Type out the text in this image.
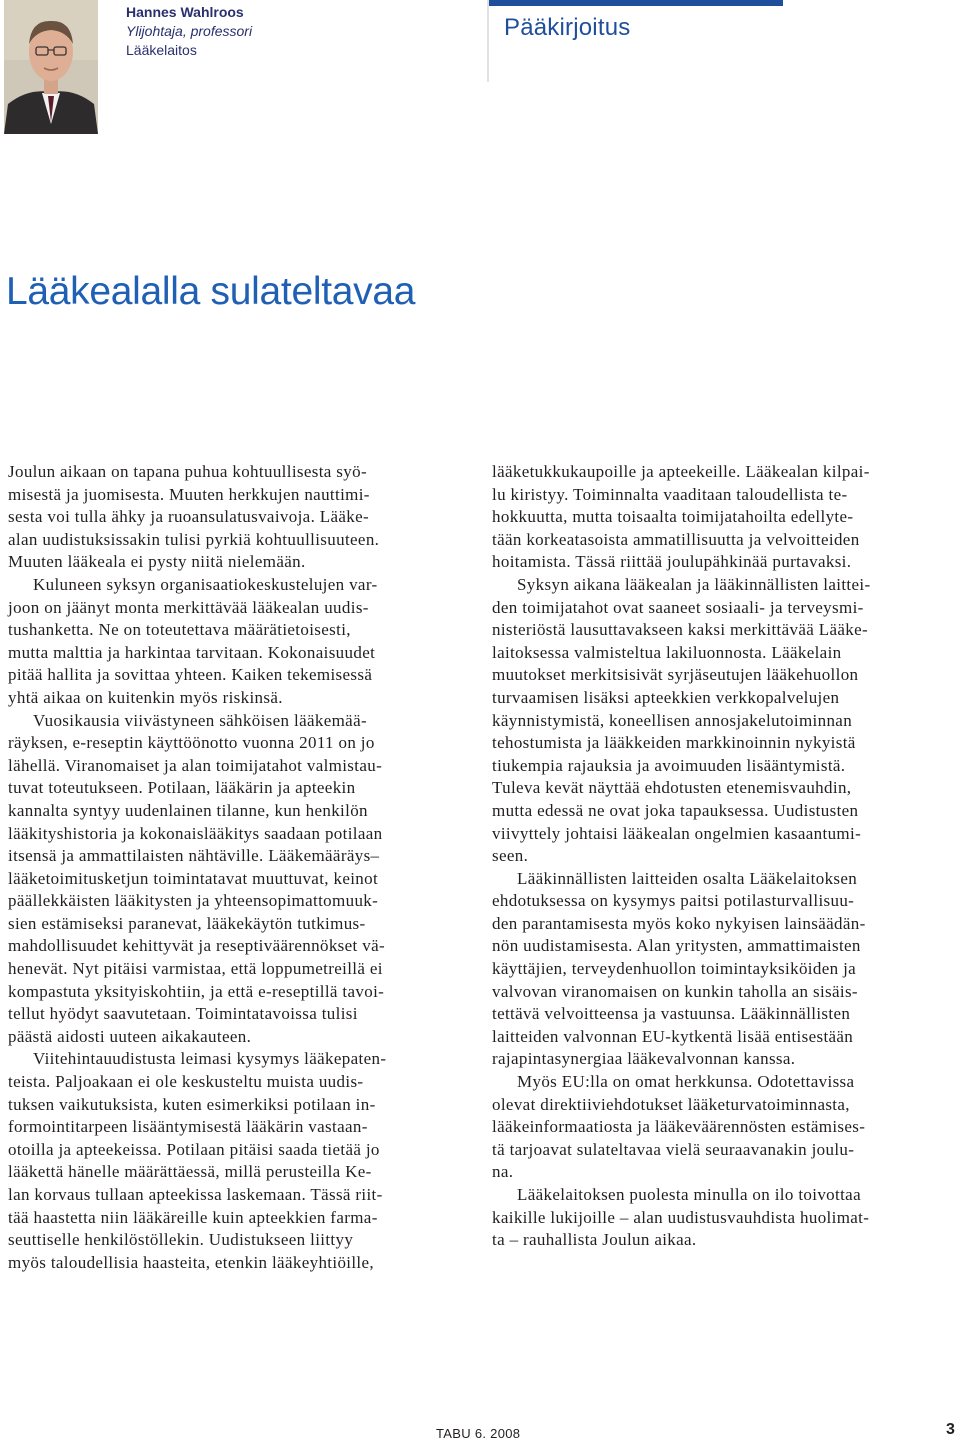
Hannes Wahlroos
Ylijohtaja, professori
Lääkelaitos
Pääkirjoitus
Lääkealalla sulateltavaa
Joulun aikaan on tapana puhua kohtuullisesta syö-
misestä ja juomisesta. Muuten herkkujen nauttimi-
sesta voi tulla ähky ja ruoansulatusvaivoja. Lääke-
alan uudistuksissakin tulisi pyrkiä kohtuullisuuteen.
Muuten lääkeala ei pysty niitä nielemään.
Kuluneen syksyn organisaatiokeskustelujen var-
joon on jäänyt monta merkittävää lääkealan uudis-
tushanketta. Ne on toteutettava määrätietoisesti,
mutta malttia ja harkintaa tarvitaan. Kokonaisuudet
pitää hallita ja sovittaa yhteen. Kaiken tekemisessä
yhtä aikaa on kuitenkin myös riskinsä.
Vuosikausia viivästyneen sähköisen lääkemää-
räyksen, e-reseptin käyttöönotto vuonna 2011 on jo
lähellä. Viranomaiset ja alan toimijatahot valmistau-
tuvat toteutukseen. Potilaan, lääkärin ja apteekin
kannalta syntyy uudenlainen tilanne, kun henkilön
lääkityshistoria ja kokonaislääkitys saadaan potilaan
itsensä ja ammattilaisten nähtäville. Lääkemääräys–
lääketoimitusketjun toimintatavat muuttuvat, keinot
päällekkäisten lääkitysten ja yhteensopimattomuuk-
sien estämiseksi paranevat, lääkekäytön tutkimus-
mahdollisuudet kehittyvät ja reseptiväärennökset vä-
henevät. Nyt pitäisi varmistaa, että loppumetreillä ei
kompastuta yksityiskohtiin, ja että e-reseptillä tavoi-
tellut hyödyt saavutetaan. Toimintatavoissa tulisi
päästä aidosti uuteen aikakauteen.
Viitehintauudistusta leimasi kysymys lääkepaten-
teista. Paljoakaan ei ole keskusteltu muista uudis-
tuksen vaikutuksista, kuten esimerkiksi potilaan in-
formointitarpeen lisääntymisestä lääkärin vastaan-
otoilla ja apteekeissa. Potilaan pitäisi saada tietää jo
lääkettä hänelle määrättäessä, millä perusteilla Ke-
lan korvaus tullaan apteekissa laskemaan. Tässä riit-
tää haastetta niin lääkäreille kuin apteekkien farma-
seuttiselle henkilöstöllekin. Uudistukseen liittyy
myös taloudellisia haasteita, etenkin lääkeyhtiöille,
lääketukkukaupoille ja apteekeille. Lääkealan kilpai-
lu kiristyy. Toiminnalta vaaditaan taloudellista te-
hokkuutta, mutta toisaalta toimijatahoilta edellyte-
tään korkeatasoista ammatillisuutta ja velvoitteiden
hoitamista. Tässä riittää joulupähkinää purtavaksi.
Syksyn aikana lääkealan ja lääkinnällisten laittei-
den toimijatahot ovat saaneet sosiaali- ja terveysmi-
nisteriöstä lausuttavakseen kaksi merkittävää Lääke-
laitoksessa valmisteltua lakiluonnosta. Lääkelain
muutokset merkitsisivät syrjäseutujen lääkehuollon
turvaamisen lisäksi apteekkien verkkopalvelujen
käynnistymistä, koneellisen annosjakelutoiminnan
tehostumista ja lääkkeiden markkinoinnin nykyistä
tiukempia rajauksia ja avoimuuden lisääntymistä.
Tuleva kevät näyttää ehdotusten etenemisvauhdin,
mutta edessä ne ovat joka tapauksessa. Uudistusten
viivyttely johtaisi lääkealan ongelmien kasaantumi-
seen.
Lääkinnällisten laitteiden osalta Lääkelaitoksen
ehdotuksessa on kysymys paitsi potilasturvallisuu-
den parantamisesta myös koko nykyisen lainsäädän-
nön uudistamisesta. Alan yritysten, ammattimaisten
käyttäjien, terveydenhuollon toimintayksiköiden ja
valvovan viranomaisen on kunkin taholla an sisäis-
tettävä velvoitteensa ja vastuunsa. Lääkinnällisten
laitteiden valvonnan EU-kytkentä lisää entisestään
rajapintasynergiaa lääkevalvonnan kanssa.
Myös EU:lla on omat herkkunsa. Odotettavissa
olevat direktiiviehdotukset lääketurvatoiminnasta,
lääkeinformaatiosta ja lääkeväärennösten estämises-
tä tarjoavat sulateltavaa vielä seuraavanakin joulu-
na.
Lääkelaitoksen puolesta minulla on ilo toivottaa
kaikille lukijoille – alan uudistusvauhdista huolimat-
ta – rauhallista Joulun aikaa.
TABU 6. 2008	3
